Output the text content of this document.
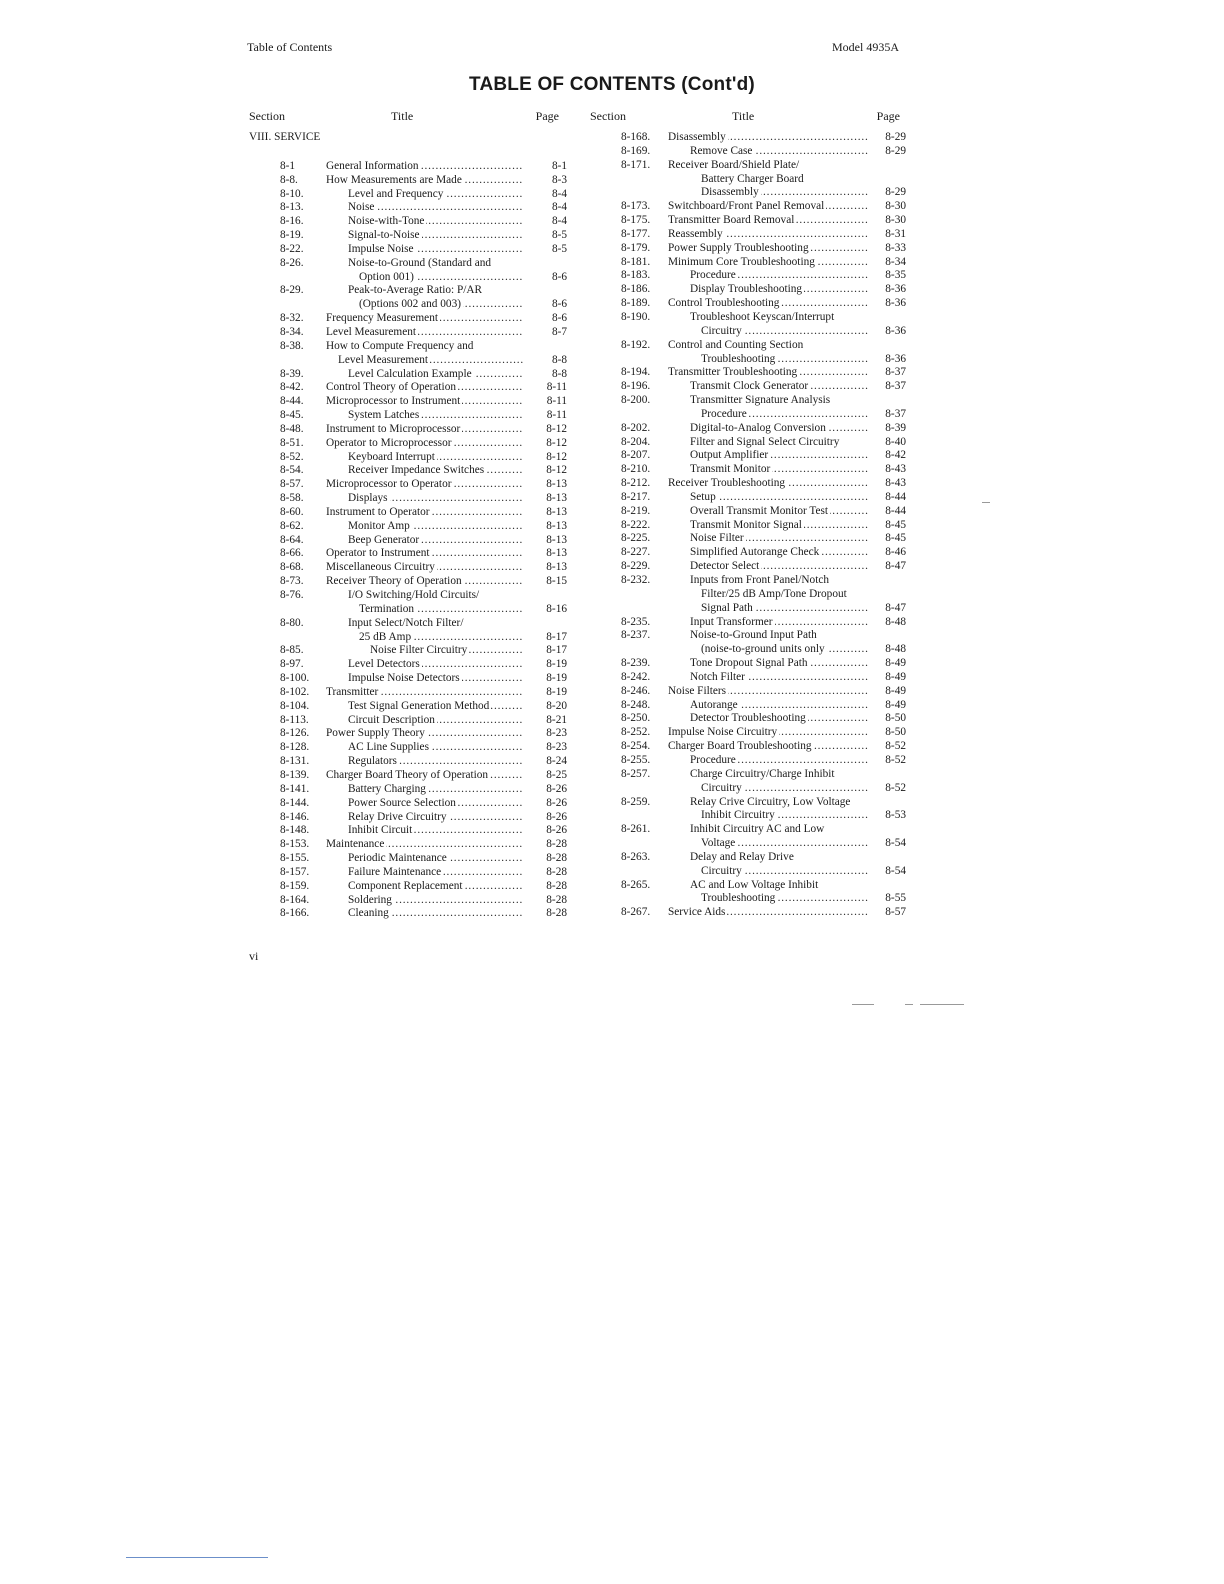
Table of Contents	Model 4935A
TABLE OF CONTENTS (Cont'd)
Section	Title	Page
VIII. SERVICE
8-1	General Information . . .	8-1
8-8. How Measurements are Made . . .	8-3
8-10.	Level and Frequency . . .	8-4
8-13.	Noise . . .	8-4
8-16.	Noise-with-Tone . . .	8-4
8-19.	Signal-to-Noise . . .	8-5
8-22.	Impulse Noise . . .	8-5
8-26.	Noise-to-Ground (Standard and
Option 001) . . .	8-6
8-29.	Peak-to-Average Ratio: P/AR
(Options 002 and 003) . . .	8-6
8-32. Frequency Measurement . . .	8-6
8-34. Level Measurement . . .	8-7
8-38. How to Compute Frequency and
Level Measurement . . .	8-8
8-39.	Level Calculation Example . . .	8-8
8-42. Control Theory of Operation . . .	8-11
8-44. Microprocessor to Instrument . . .	8-11
8-45.	System Latches . . .	8-11
8-48. Instrument to Microprocessor . . .	8-12
8-51. Operator to Microprocessor . . .	8-12
8-52.	Keyboard Interrupt . . .	8-12
8-54.	Receiver Impedance Switches . . .	8-12
8-57. Microprocessor to Operator . . .	8-13
8-58.	Displays . . .	8-13
8-60. Instrument to Operator . . .	8-13
8-62.	Monitor Amp . . .	8-13
8-64.	Beep Generator . . .	8-13
8-66. Operator to Instrument . . .	8-13
8-68. Miscellaneous Circuitry . . .	8-13
8-73. Receiver Theory of Operation . . .	8-15
8-76.	I/O Switching/Hold Circuits/
Termination . . .	8-16
8-80.	Input Select/Notch Filter/
25 dB Amp . . .	8-17
8-85.	Noise Filter Circuitry . . .	8-17
8-97.	Level Detectors . . .	8-19
8-100.	Impulse Noise Detectors . . .	8-19
8-102. Transmitter . . .	8-19
8-104.	Test Signal Generation Method . . .	8-20
8-113.	Circuit Description . . .	8-21
8-126. Power Supply Theory . . .	8-23
8-128.	AC Line Supplies . . .	8-23
8-131.	Regulators . . .	8-24
8-139. Charger Board Theory of Operation . . .	8-25
8-141.	Battery Charging . . .	8-26
8-144.	Power Source Selection . . .	8-26
8-146.	Relay Drive Circuitry . . .	8-26
8-148.	Inhibit Circuit . . .	8-26
8-153. Maintenance . . .	8-28
8-155.	Periodic Maintenance . . .	8-28
8-157.	Failure Maintenance . . .	8-28
8-159.	Component Replacement . . .	8-28
8-164.	Soldering . . .	8-28
8-166.	Cleaning . . .	8-28
Section	Title	Page
8-168. Disassembly . . .	8-29
8-169.	Remove Case . . .	8-29
8-171. Receiver Board/Shield Plate/
Battery Charger Board
Disassembly . . .	8-29
8-173. Switchboard/Front Panel Removal . . .	8-30
8-175. Transmitter Board Removal . . .	8-30
8-177. Reassembly . . .	8-31
8-179. Power Supply Troubleshooting . . .	8-33
8-181. Minimum Core Troubleshooting . . .	8-34
8-183.	Procedure . . .	8-35
8-186.	Display Troubleshooting . . .	8-36
8-189. Control Troubleshooting . . .	8-36
8-190.	Troubleshoot Keyscan/Interrupt
Circuitry . . .	8-36
8-192. Control and Counting Section
Troubleshooting . . .	8-36
8-194. Transmitter Troubleshooting . . .	8-37
8-196.	Transmit Clock Generator . . .	8-37
8-200.	Transmitter Signature Analysis
Procedure . . .	8-37
8-202.	Digital-to-Analog Conversion . . .	8-39
8-204.	Filter and Signal Select Circuitry	8-40
8-207.	Output Amplifier . . .	8-42
8-210.	Transmit Monitor . . .	8-43
8-212. Receiver Troubleshooting . . .	8-43
8-217.	Setup . . .	8-44
8-219.	Overall Transmit Monitor Test . . .	8-44
8-222.	Transmit Monitor Signal . . .	8-45
8-225.	Noise Filter . . .	8-45
8-227.	Simplified Autorange Check . . .	8-46
8-229.	Detector Select . . .	8-47
8-232.	Inputs from Front Panel/Notch
Filter/25 dB Amp/Tone Dropout
Signal Path . . .	8-47
8-235.	Input Transformer . . .	8-48
8-237.	Noise-to-Ground Input Path
(noise-to-ground units only . . .	8-48
8-239.	Tone Dropout Signal Path . . .	8-49
8-242.	Notch Filter . . .	8-49
8-246. Noise Filters . . .	8-49
8-248.	Autorange . . .	8-49
8-250.	Detector Troubleshooting . . .	8-50
8-252. Impulse Noise Circuitry . . .	8-50
8-254. Charger Board Troubleshooting . . .	8-52
8-255.	Procedure . . .	8-52
8-257.	Charge Circuitry/Charge Inhibit
Circuitry . . .	8-52
8-259.	Relay Crive Circuitry, Low Voltage
Inhibit Circuitry . . .	8-53
8-261.	Inhibit Circuitry AC and Low
Voltage . . .	8-54
8-263.	Delay and Relay Drive
Circuitry . . .	8-54
8-265.	AC and Low Voltage Inhibit
Troubleshooting . . .	8-55
8-267. Service Aids . . .	8-57
vi
